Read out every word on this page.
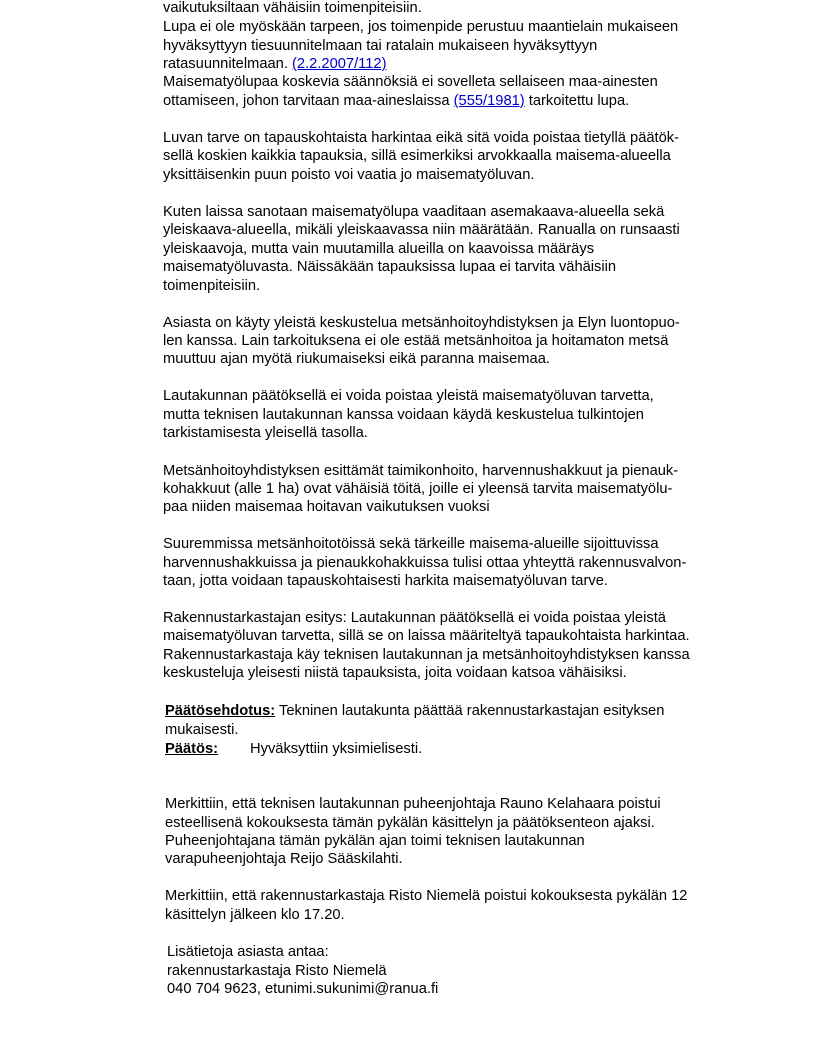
vaikutuksiltaan vähäisiin toimenpiteisiin.
Lupa ei ole myöskään tarpeen, jos toimenpide perustuu maantielain mukaiseen
hyväksyttyyn tiesuunnitelmaan tai ratalain mukaiseen hyväksyttyyn
ratasuunnitelmaan. (2.2.2007/112)
Maisematyölupaa koskevia säännöksiä ei sovelleta sellaiseen maa-ainesten
ottamiseen, johon tarvitaan maa-aineslaissa (555/1981) tarkoitettu lupa.
Luvan tarve on tapauskohtaista harkintaa eikä sitä voida poistaa tietyllä päätök-
sellä koskien kaikkia tapauksia, sillä esimerkiksi arvokkaalla maisema-alueella
yksittäisenkin puun poisto voi vaatia jo maisematyöluvan.
Kuten laissa sanotaan maisematyölupa vaaditaan asemakaava-alueella sekä
yleiskaava-alueella, mikäli yleiskaavassa niin määrätään. Ranualla on runsaasti
yleiskaavoja, mutta vain muutamilla alueilla on kaavoissa määräys
maisematyöluvasta. Näissäkään tapauksissa lupaa ei tarvita vähäisiin
toimenpiteisiin.
Asiasta on käyty yleistä keskustelua metsänhoitoyhdistyksen ja Elyn luontopuo-
len kanssa. Lain tarkoituksena ei ole estää metsänhoitoa ja hoitamaton metsä
muuttuu ajan myötä riukumaiseksi eikä paranna maisemaa.
Lautakunnan päätöksellä ei voida poistaa yleistä maisematyöluvan tarvetta,
mutta teknisen lautakunnan kanssa voidaan käydä keskustelua tulkintojen
tarkistamisesta yleisellä tasolla.
Metsänhoitoyhdistyksen esittämät taimikonhoito, harvennushakkuut ja pienauk-
kohakkuut (alle 1 ha) ovat vähäisiä töitä, joille ei yleensä tarvita maisematyölu-
paa niiden maisemaa hoitavan vaikutuksen vuoksi
Suuremmissa metsänhoitotöissä sekä tärkeille maisema-alueille sijoittuvissa
harvennushakkuissa ja pienaukkohakkuissa tulisi ottaa yhteyttä rakennusvalvon-
taan, jotta voidaan tapauskohtaisesti harkita maisematyöluvan tarve.
Rakennustarkastajan esitys: Lautakunnan päätöksellä ei voida poistaa yleistä
maisematyöluvan tarvetta, sillä se on laissa määriteltyä tapaukohtaista harkintaa.
Rakennustarkastaja käy teknisen lautakunnan ja metsänhoitoyhdistyksen kanssa
keskusteluja yleisesti niistä tapauksista, joita voidaan katsoa vähäisiksi.
Päätösehdotus: Tekninen lautakunta päättää rakennustarkastajan esityksen
mukaisesti.
Päätös: Hyväksyttiin yksimielisesti.
Merkittiin, että teknisen lautakunnan puheenjohtaja Rauno Kelahaara poistui
esteellisenä kokouksesta tämän pykälän käsittelyn ja päätöksenteon ajaksi.
Puheenjohtajana tämän pykälän ajan toimi teknisen lautakunnan
varapuheenjohtaja Reijo Sääskilahti.
Merkittiin, että rakennustarkastaja Risto Niemelä poistui kokouksesta pykälän 12
käsittelyn jälkeen klo 17.20.
Lisätietoja asiasta antaa:
rakennustarkastaja Risto Niemelä
040 704 9623, etunimi.sukunimi@ranua.fi
